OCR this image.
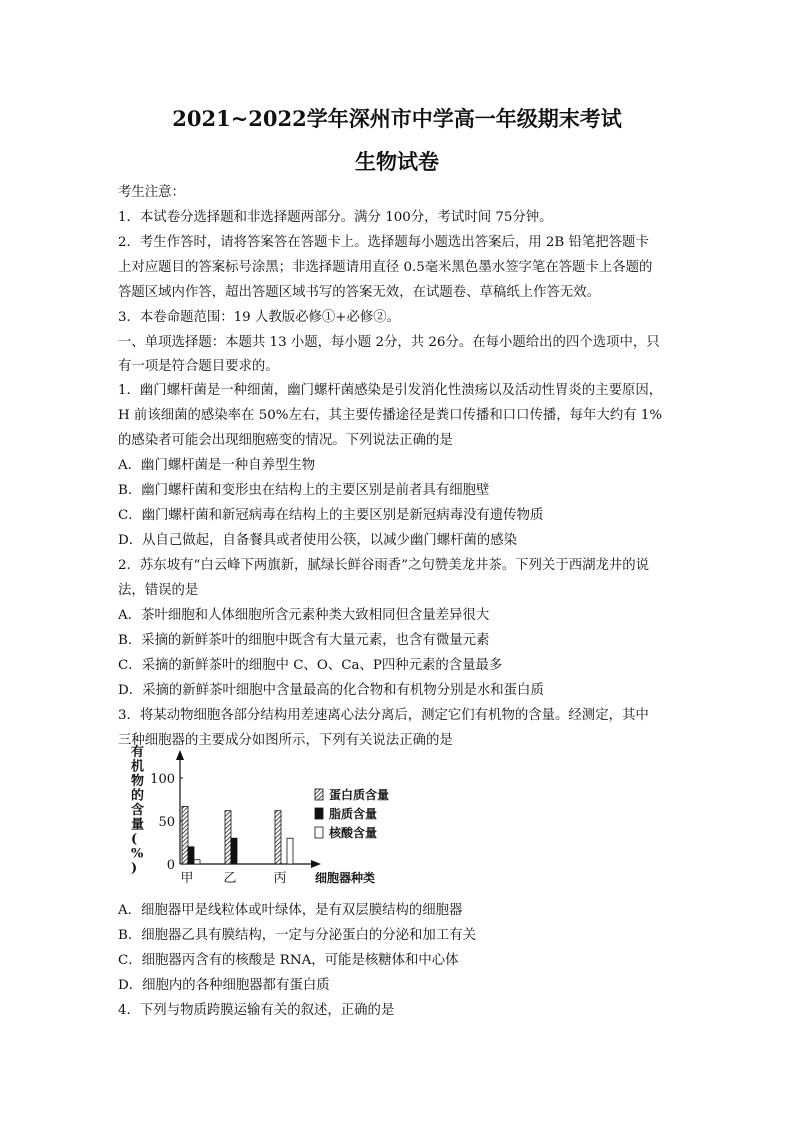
2021~2022学年深州市中学高一年级期末考试
生物试卷
考生注意：
1．本试卷分选择题和非选择题两部分。满分 100分，考试时间 75分钟。
2．考生作答时，请将答案答在答题卡上。选择题每小题选出答案后，用 2B 铅笔把答题卡
上对应题目的答案标号涂黑；非选择题请用直径 0.5毫米黑色墨水签字笔在答题卡上各题的
答题区域内作答，超出答题区域书写的答案无效，在试题卷、草稿纸上作答无效。
3．本卷命题范围：19 人教版必修①+必修②。
一、单项选择题：本题共 13 小题，每小题 2分，共 26分。在每小题给出的四个选项中，只
有一项是符合题目要求的。
1．幽门螺杆菌是一种细菌，幽门螺杆菌感染是引发消化性溃疡以及活动性胃炎的主要原因，
H 前该细菌的感染率在 50%左右，其主要传播途径是粪口传播和口口传播，每年大约有 1%
的感染者可能会出现细胞癌变的情况。下列说法正确的是
A．幽门螺杆菌是一种自养型生物
B．幽门螺杆菌和变形虫在结构上的主要区别是前者具有细胞壁
C．幽门螺杆菌和新冠病毒在结构上的主要区别是新冠病毒没有遗传物质
D．从自己做起，自备餐具或者使用公筷，以减少幽门螺杆菌的感染
2．苏东坡有“白云峰下两旗新，腻绿长鲜谷雨香”之句赞美龙井茶。下列关于西湖龙井的说
法，错误的是
A．茶叶细胞和人体细胞所含元素种类大致相同但含量差异很大
B．采摘的新鲜茶叶的细胞中既含有大量元素，也含有微量元素
C．采摘的新鲜茶叶的细胞中 C、O、Ca、P四种元素的含量最多
D．采摘的新鲜茶叶细胞中含量最高的化合物和有机物分别是水和蛋白质
3．将某动物细胞各部分结构用差速离心法分离后，测定它们有机物的含量。经测定，其中
三种细胞器的主要成分如图所示，下列有关说法正确的是
有机物的含量( % )
100
50
0
甲 乙	丙 细胞器种类
蛋白质含量
脂质含量
核酸含量
A．细胞器甲是线粒体或叶绿体，是有双层膜结构的细胞器
B．细胞器乙具有膜结构，一定与分泌蛋白的分泌和加工有关
C．细胞器丙含有的核酸是 RNA，可能是核糖体和中心体
D．细胞内的各种细胞器都有蛋白质
4．下列与物质跨膜运输有关的叙述，正确的是
